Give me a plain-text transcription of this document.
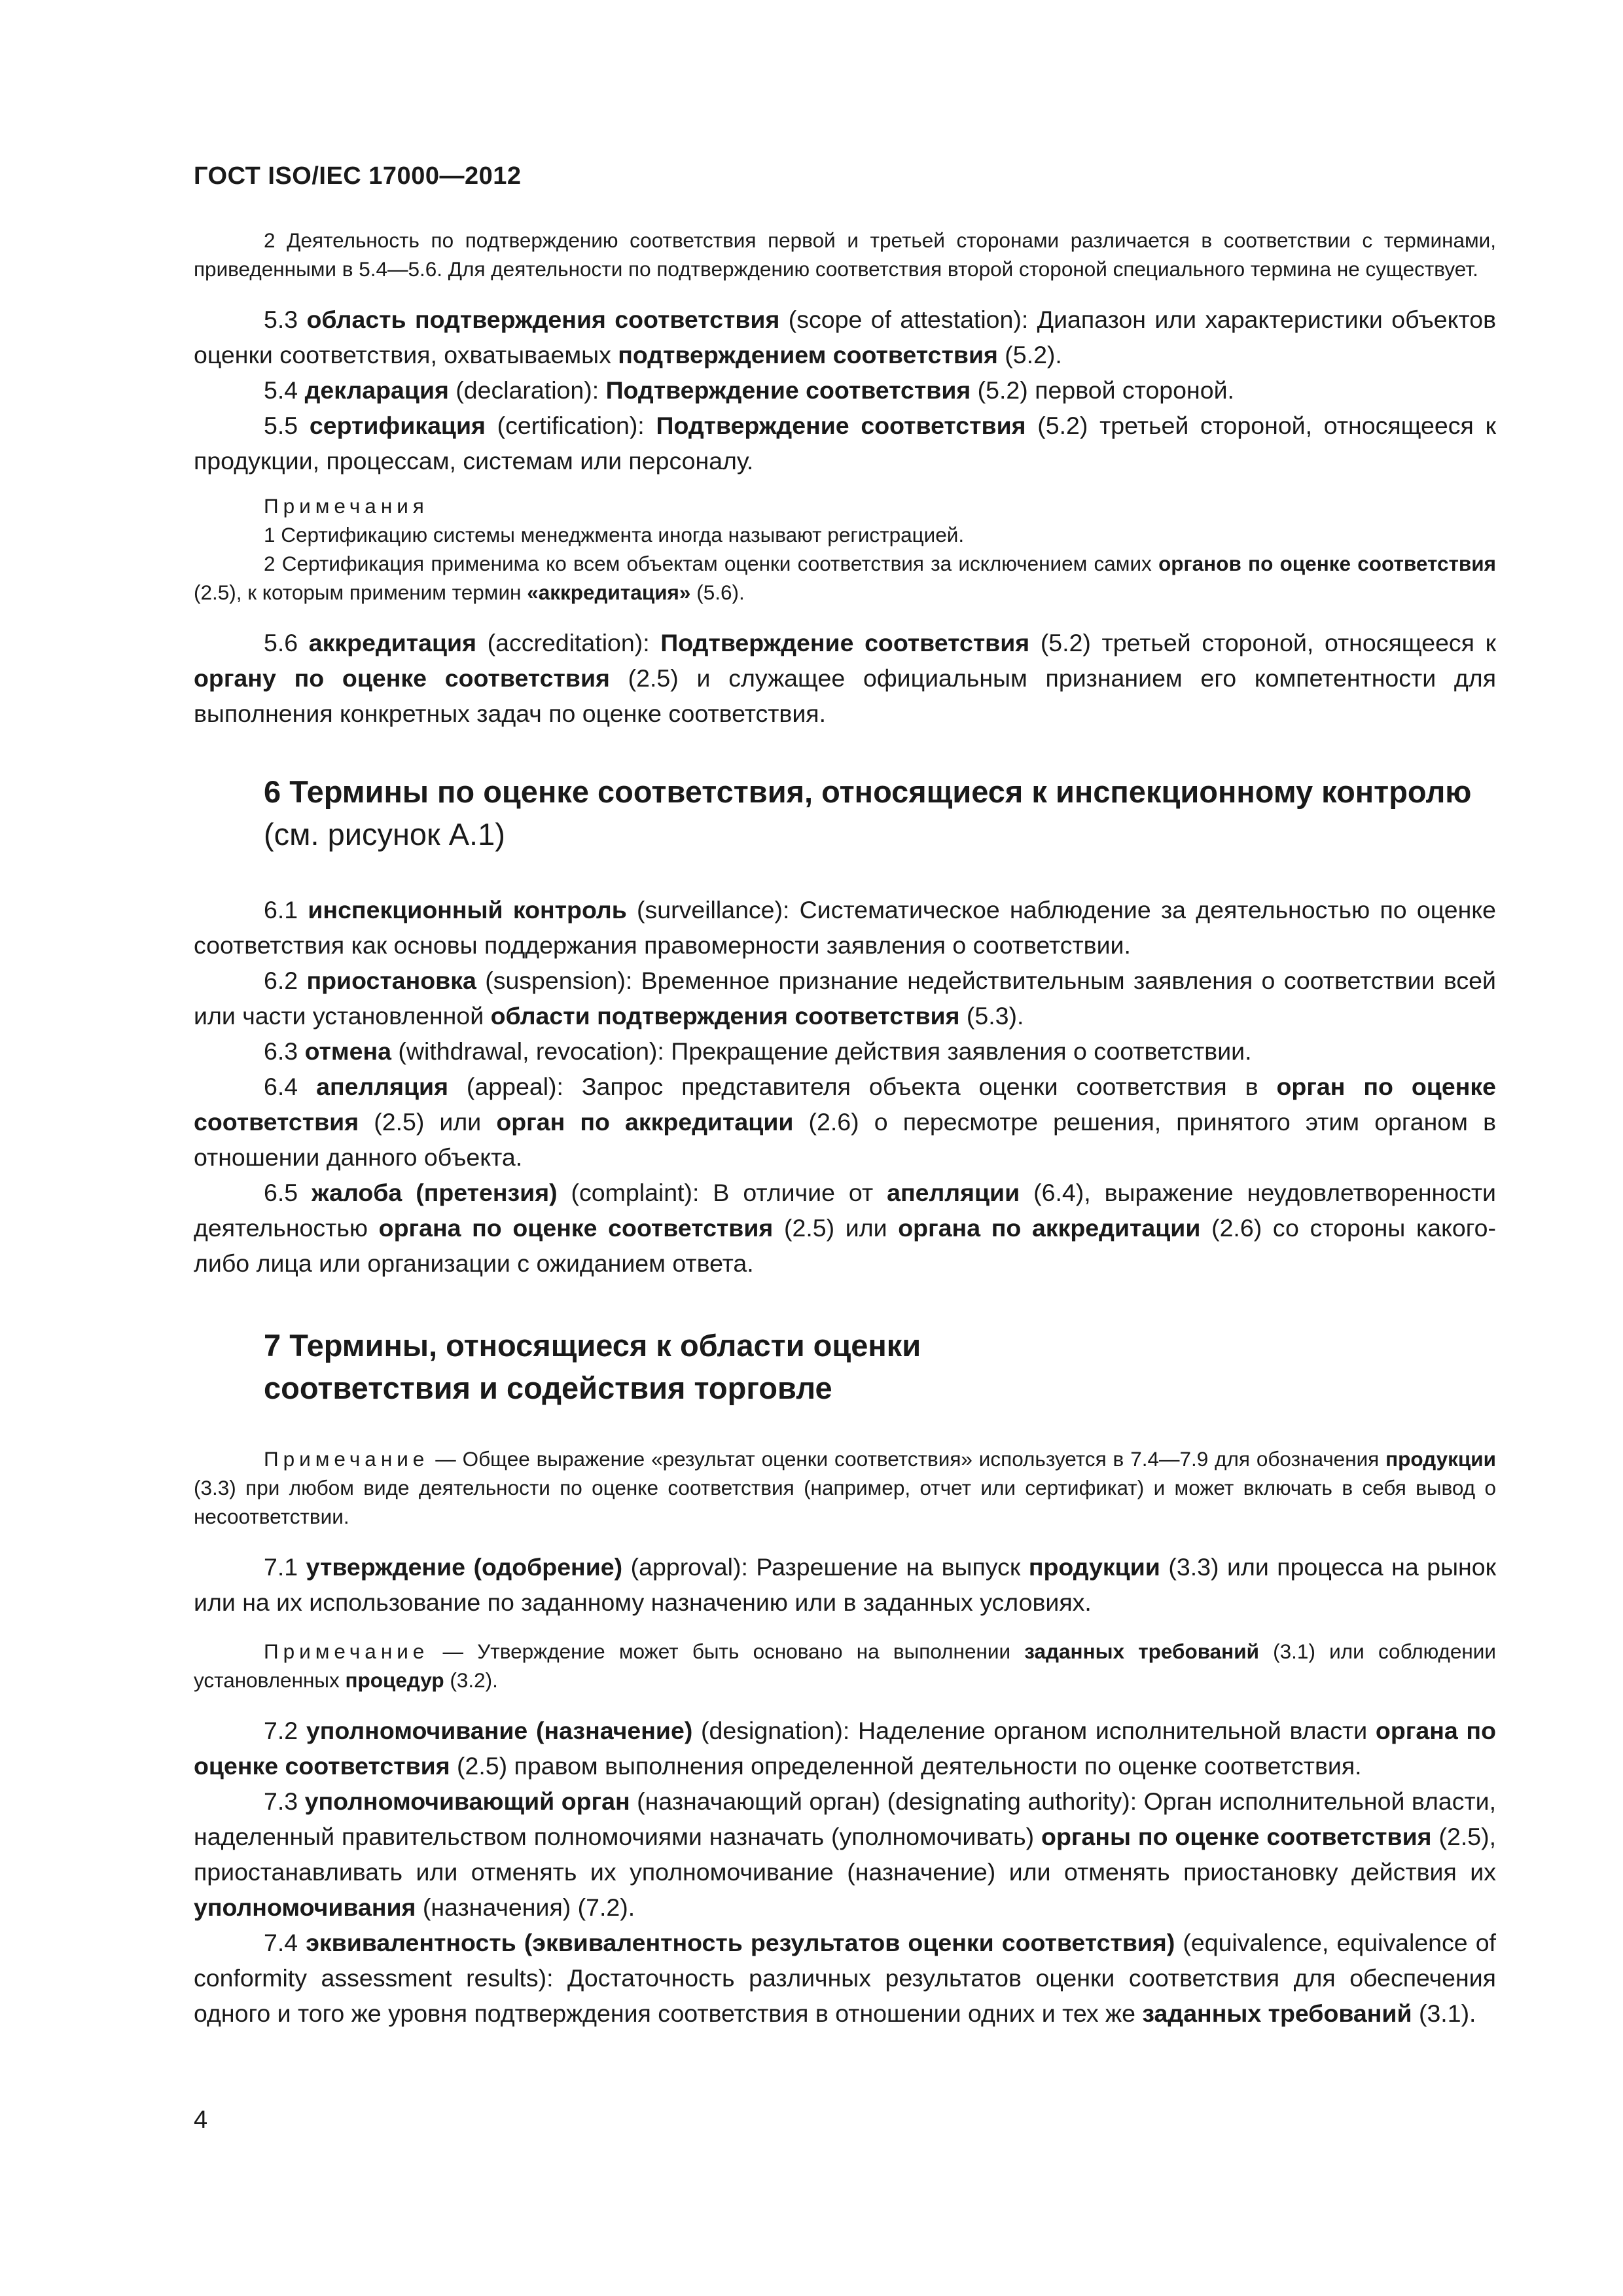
ГОСТ ISO/IEC 17000—2012

2 Деятельность по подтверждению соответствия первой и третьей сторонами различается в соответствии с терминами, приведенными в 5.4—5.6. Для деятельности по подтверждению соответствия второй стороной специального термина не существует.

5.3 область подтверждения соответствия (scope of attestation): Диапазон или характеристики объектов оценки соответствия, охватываемых подтверждением соответствия (5.2).

5.4 декларация (declaration): Подтверждение соответствия (5.2) первой стороной.

5.5 сертификация (certification): Подтверждение соответствия (5.2) третьей стороной, относящееся к продукции, процессам, системам или персоналу.

Примечания

1 Сертификацию системы менеджмента иногда называют регистрацией.

2 Сертификация применима ко всем объектам оценки соответствия за исключением самих органов по оценке соответствия (2.5), к которым применим термин «аккредитация» (5.6).

5.6 аккредитация (accreditation): Подтверждение соответствия (5.2) третьей стороной, относящееся к органу по оценке соответствия (2.5) и служащее официальным признанием его компетентности для выполнения конкретных задач по оценке соответствия.

6 Термины по оценке соответствия, относящиеся к инспекционному контролю (см. рисунок А.1)

6.1 инспекционный контроль (surveillance): Систематическое наблюдение за деятельностью по оценке соответствия как основы поддержания правомерности заявления о соответствии.

6.2 приостановка (suspension): Временное признание недействительным заявления о соответствии всей или части установленной области подтверждения соответствия (5.3).

6.3 отмена (withdrawal, revocation): Прекращение действия заявления о соответствии.

6.4 апелляция (appeal): Запрос представителя объекта оценки соответствия в орган по оценке соответствия (2.5) или орган по аккредитации (2.6) о пересмотре решения, принятого этим органом в отношении данного объекта.

6.5 жалоба (претензия) (complaint): В отличие от апелляции (6.4), выражение неудовлетворенности деятельностью органа по оценке соответствия (2.5) или органа по аккредитации (2.6) со стороны какого-либо лица или организации с ожиданием ответа.

7 Термины, относящиеся к области оценки соответствия и содействия торговле

Примечание — Общее выражение «результат оценки соответствия» используется в 7.4—7.9 для обозначения продукции (3.3) при любом виде деятельности по оценке соответствия (например, отчет или сертификат) и может включать в себя вывод о несоответствии.

7.1 утверждение (одобрение) (approval): Разрешение на выпуск продукции (3.3) или процесса на рынок или на их использование по заданному назначению или в заданных условиях.

Примечание — Утверждение может быть основано на выполнении заданных требований (3.1) или соблюдении установленных процедур (3.2).

7.2 уполномочивание (назначение) (designation): Наделение органом исполнительной власти органа по оценке соответствия (2.5) правом выполнения определенной деятельности по оценке соответствия.

7.3 уполномочивающий орган (назначающий орган) (designating authority): Орган исполнительной власти, наделенный правительством полномочиями назначать (уполномочивать) органы по оценке соответствия (2.5), приостанавливать или отменять их уполномочивание (назначение) или отменять приостановку действия их уполномочивания (назначения) (7.2).

7.4 эквивалентность (эквивалентность результатов оценки соответствия) (equivalence, equivalence of conformity assessment results): Достаточность различных результатов оценки соответствия для обеспечения одного и того же уровня подтверждения соответствия в отношении одних и тех же заданных требований (3.1).

4
